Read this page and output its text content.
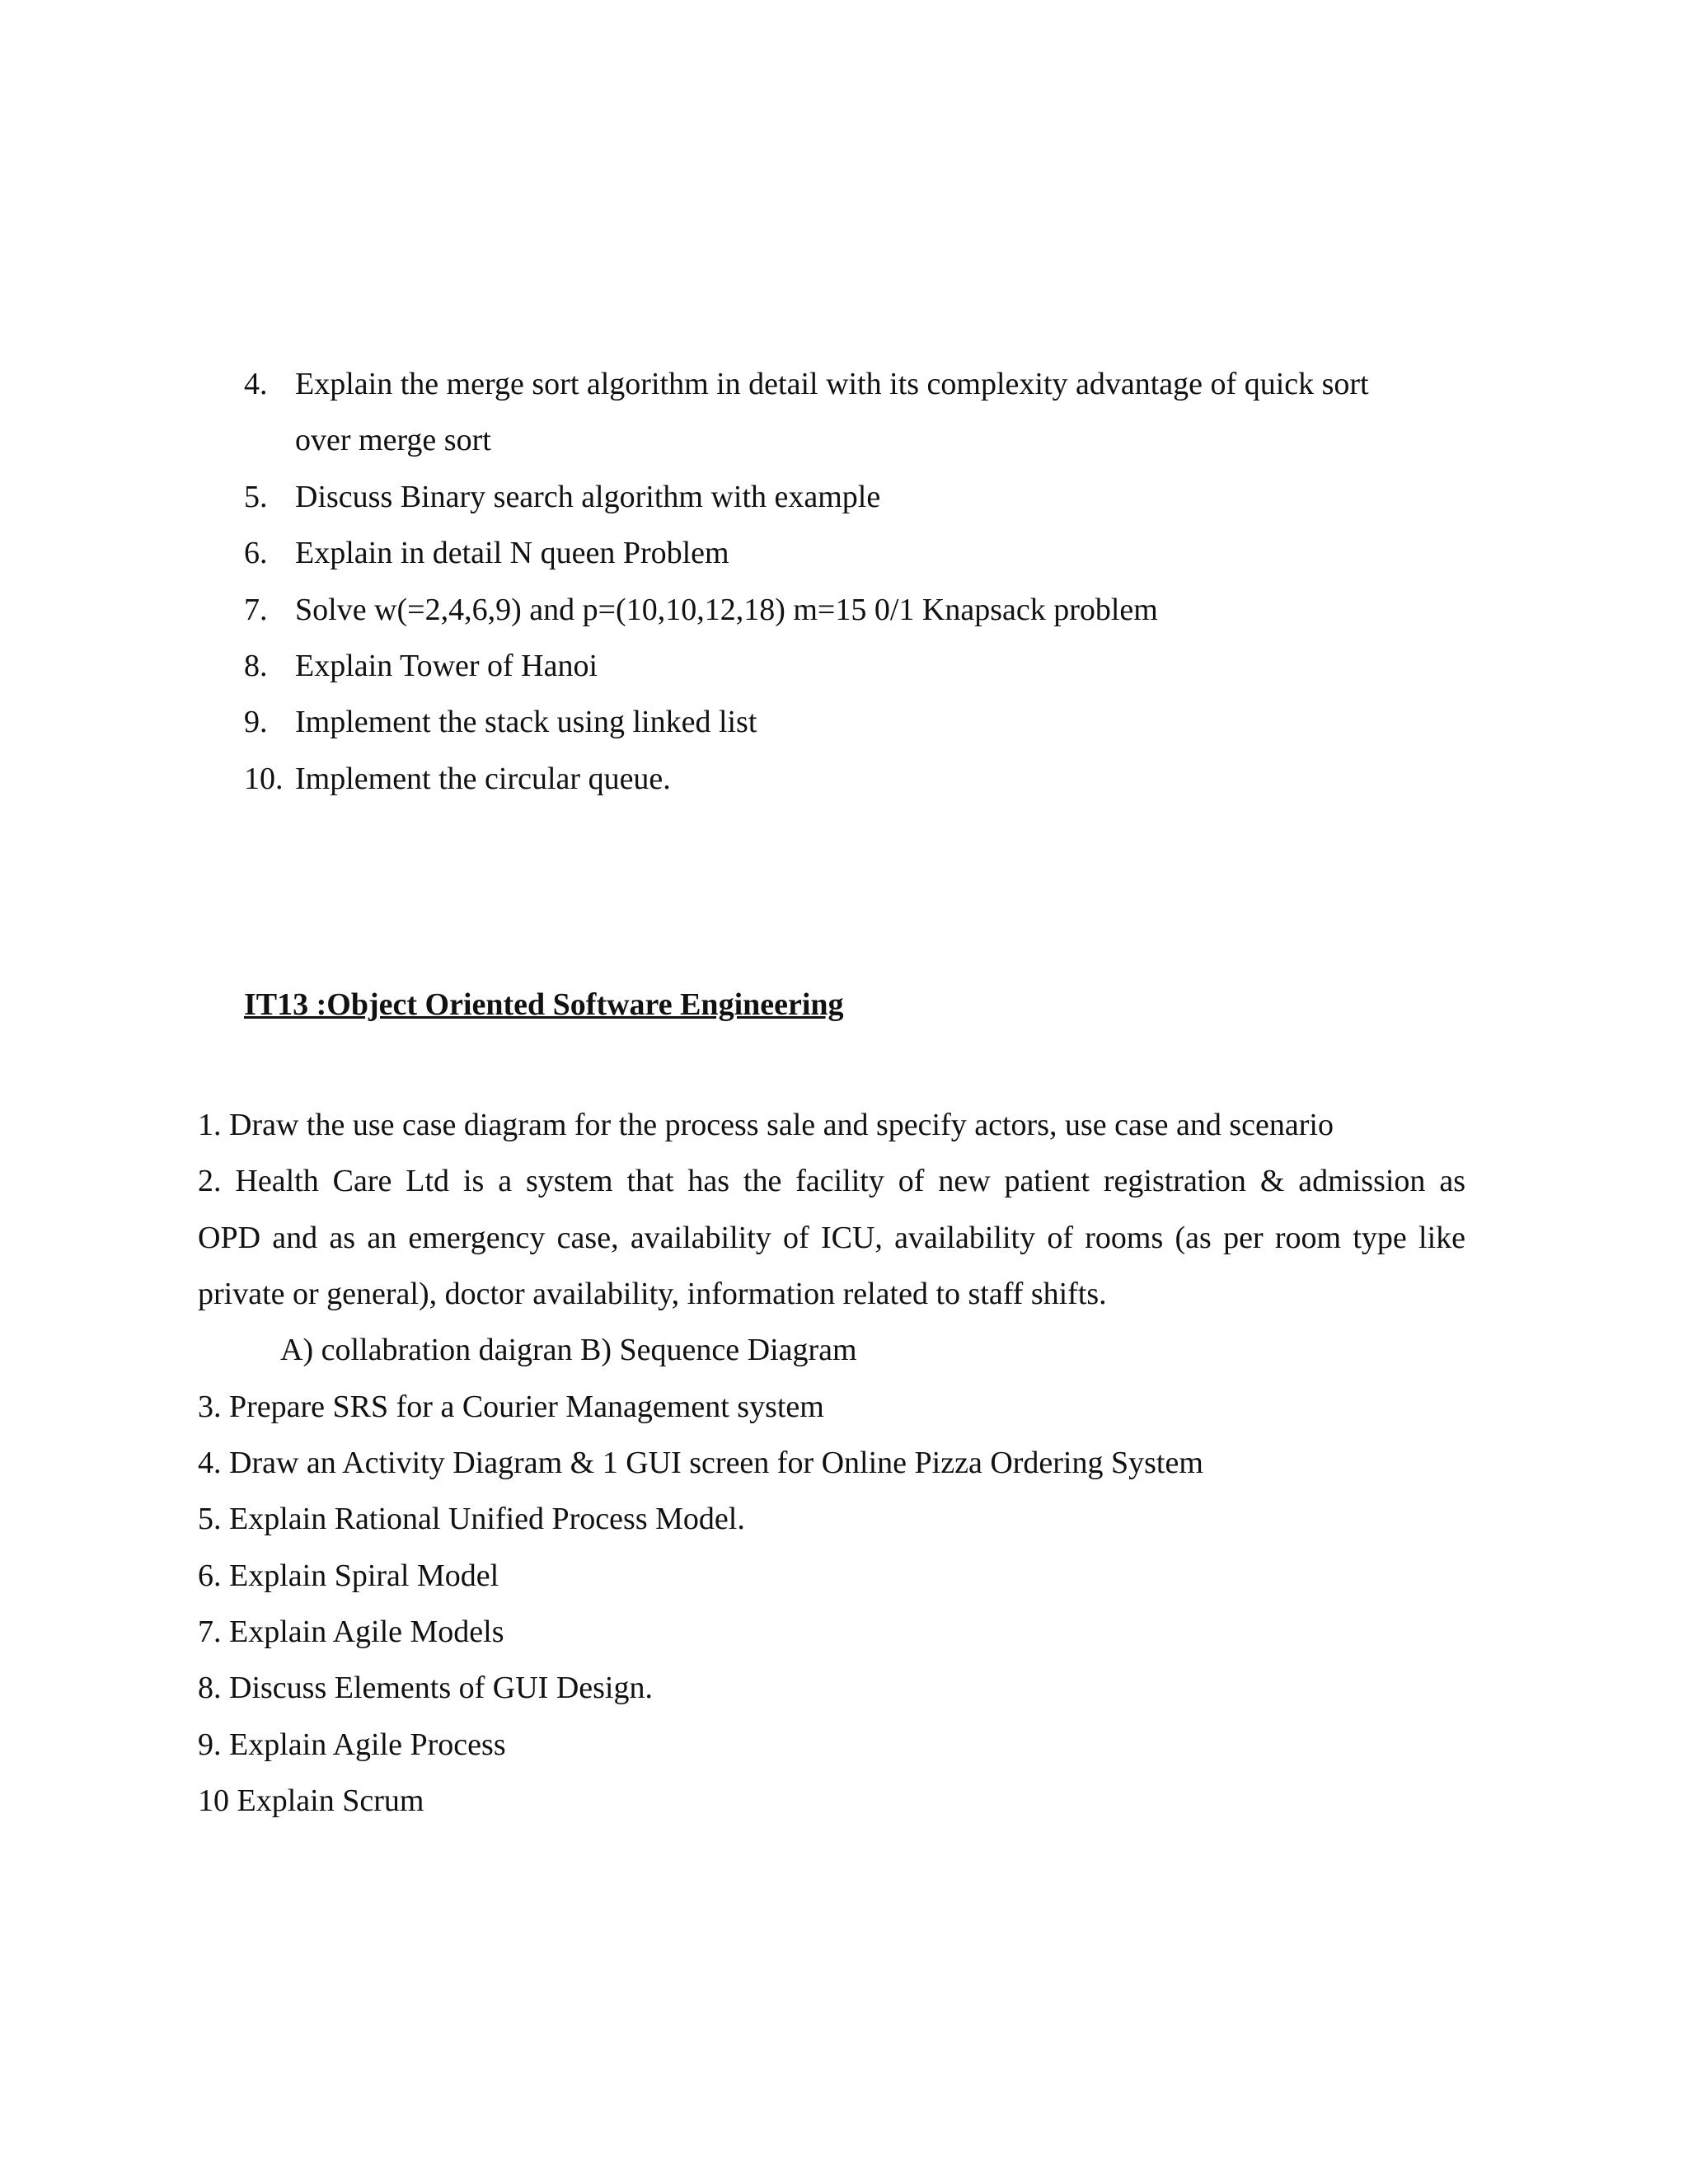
4. Explain the merge sort algorithm in detail with its complexity advantage of quick sort
over merge sort
5. Discuss Binary search algorithm with example
6. Explain in detail N queen Problem
7. Solve w(=2,4,6,9) and p=(10,10,12,18) m=15 0/1 Knapsack problem
8. Explain Tower of Hanoi
9. Implement the stack using linked list
10. Implement the circular queue.
IT13 :Object Oriented Software Engineering
1. Draw the use case diagram for the process sale and specify actors, use case and scenario
2. Health Care Ltd is a system that has the facility of new patient registration & admission as
OPD and as an emergency case, availability of ICU, availability of rooms (as per room type like
private or general), doctor availability, information related to staff shifts.
A) collabration daigran B) Sequence Diagram
3. Prepare SRS for a Courier Management system
4. Draw an Activity Diagram & 1 GUI screen for Online Pizza Ordering System
5. Explain Rational Unified Process Model.
6. Explain Spiral Model
7. Explain Agile Models
8. Discuss Elements of GUI Design.
9. Explain Agile Process
10 Explain Scrum
